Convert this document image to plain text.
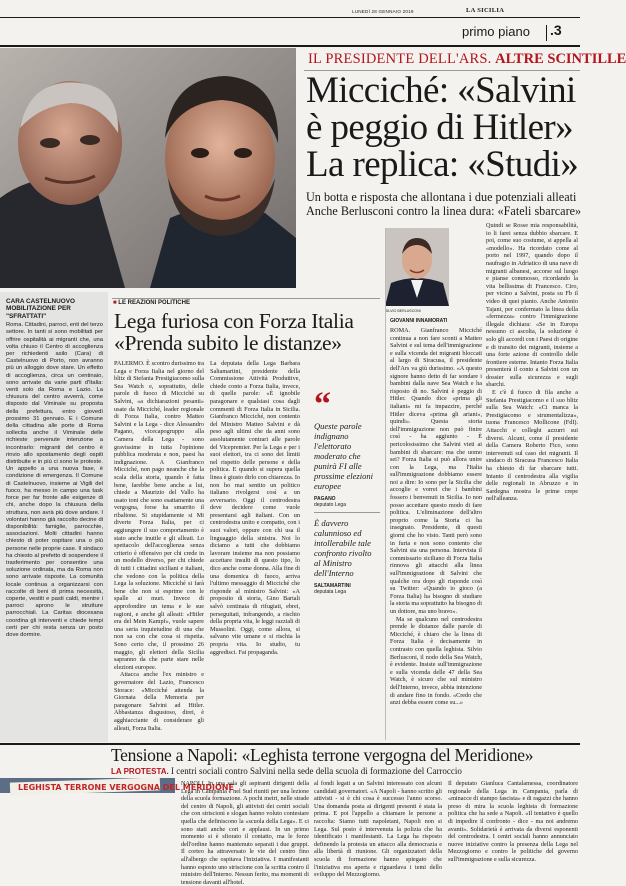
LUNEDÌ 28 GENNAIO 2019	LA SICILIA
primo piano .3
IL PRESIDENTE DELL'ARS. ALTRE SCINTILLE
Micciché: «Salvini
è peggio di Hitler»
La replica: «Studi»
Un botta e risposta che allontana i due potenziali alleati
Anche Berlusconi contro la linea dura: «Fateli sbarcare»
SILVIO BERLUSCONI
CARA CASTELNUOVO MOBILITAZIONE PER "SFRATTATI"
Roma. Cittadini, parroci, enti del terzo settore. In tanti si sono mobilitati per offrire ospitalità ai migranti che, una volta chiuso il Centro di accoglienza per richiedenti asilo (Cara) di Castelnuovo di Porto, non avranno più un alloggio dove stare. Un effetto di accoglienza, circa un centinaio, sono arrivate da varie parti d'Italia: venti solo da Roma e Lazio. La chiusura del centro avverrà, come disposto dal Viminale su proposta della prefettura, entro giovedì prossimo 31 gennaio. E i Comune della cittadina alle porte di Roma sollecita anche il Viminale delle richieste pervenute intenzione a incontrarlo: migranti del centro è rinvio allo spostamento degli ospiti distribuite e in più ci sono le proteste. Un appello a una nuova fase, è condizione di emergenza. Il Comune di Castelnuovo, insieme ai Vigili del fuoco, ha messo in campo una task force per far fronte alle esigenze di chi, anche dopo la chiusura della struttura, non avrà più dove andare. I volontari hanno già raccolto decine di disponibilità: famiglie, parrocchie, associazioni. Molti cittadini hanno chiesto di poter ospitare una o più persone nelle proprie case. Il sindaco ha chiesto al prefetto di sospendere il trasferimento per consentire una soluzione ordinata, ma da Roma non sono arrivate risposte. La comunità locale continua a organizzarsi con raccolte di beni di prima necessità, coperte, vestiti e pasti caldi, mentre i parroci aprono le strutture parrocchiali. La Caritas diocesana coordina gli interventi e chiede tempi certi per chi resta senza un posto dove dormire.
■ LE REAZIONI POLITICHE
Lega furiosa con Forza Italia
«Prenda subito le distanze»

PALERMO. È scontro durissimo tra Lega e Forza Italia nel giorno del blitz di Stefania Prestigiacomo sulla Sea Watch e, soprattutto, delle parole di fuoco di Micciché su Salvini, «a dichiarazioni pesanti» usate da Micciché, leader regionale di Forza Italia, contro Matteo Salvini e la Lega - dice Alessandro Pagano, vicecapogruppo alla Camera della Lega - sono gravissime in tutta l'opinione pubblica moderata e non, paesi ha indignazione. A Gianfranco Micciché, non pago neanche che la scala della storia, quando è fatta bene, farebbe bene anche a lui, chiede a Maurizio del Vallo ha usato toni che sono esattamente una vergogna, forse ha smarrito il ribaltone. Si stupidamente si Mi diverte Forza Italia, per ci aggiungere il suo comportamento è stato anche inutile e gli alleati. Lo spettacolo dell'accoglienza senza criterio è offensivo per chi crede in un modello diverso, per chi chiede di tutti i cittadini siciliani e italiani, che vedono con la politica della Lega la soluzione. Micciché si farà bene che non si esprime con le spalle ai muri. Invece di approfondire un tema e le sue ragioni, e anche gli alleati: «Hitler era del Mein Kampf», vuole sapere una seria inquietudine di una che non sa con che cosa si rispetta. Sono certo che, il prossimo 26 maggio, gli elettori della Sicilia sapranno da che parte stare nelle elezioni europee.

Attacca anche l'ex ministro e governatore del Lazio, Francesco Storace: «Micciché attenda la Giornata della Memoria per paragonare Salvini ad Hitler. Abbastanza disgustoso, direi, è agghiacciante di considerare gli alleati, Forza Italia.

La deputata della Lega Barbara Saltamartini, presidente della Commissione Attività Produttive, chiede conto a Forza Italia, invece, di quelle parole: «È ignobile paragonare e qualsiasi cosa dagli commenti di Forza Italia in Sicilia. Gianfranco Micciché, non contento del Ministro Matteo Salvini e dà peso agli ultimi che da anni sono assolutamente contrari alle parole del Vicepremier. Per la Lega e per i suoi elettori, tra ci sono dei limiti nel rispetto delle persone e della politica. E quando si supera quella linea è giusto dirlo con chiarezza. Io non ho mai sentito un politico italiano rivolgersi così a un avversario. Oggi il centrodestra deve decidere come vuole presentarsi agli italiani. Con un centrodestra unito e compatto, con i suoi valori, oppure con chi usa il linguaggio della sinistra. Noi lo diciamo a tutti che dobbiamo lavorare insieme ma non possiamo accettare insulti di questo tipo, lo dico anche come donna. Alla fine di una domenica di fuoco, arriva l'ultimo messaggio di Micciché che risponde al ministro Salvini: «A proposito di storia, Gino Bartali salvò centinaia di rifugiati, ebrei, perseguitati, infrangendo, a rischio della propria vita, le leggi razziali di Mussolini. Oggi, come allora, si salvano vite umane e si rischia la propria vita. Io studio, tu aggredisci. Fai propaganda.

“
Queste parole indignano l'elettorato moderato che punirà FI alle prossime elezioni europee
PAGANO
deputato Lega
È davvero calunnioso ed intollerabile tale confronto rivolto al Ministro dell'Interno
SALTAMARTINI
deputata Lega
GIOVANNI INNAMORATI

ROMA. Gianfranco Micciché continua a non fare sconti a Matteo Salvini e sul tema dell'immigrazione e sulla vicenda dei migranti bloccati al largo di Siracusa, il presidente dell'Ars va giù durissimo. «A questo signore hanno detto di far sondare i bambini dalla nave Sea Watch e ha risposto di no. Salvini è peggio di Hitler. Quando dice «prima gli italiani» mi fa impazzire, perché Hitler diceva «prima gli ariani», quindi». Questa storia dell'immigrazione non può finire così - ha aggiunto - È pericolosissimo che Salvini vieti ai bambini di sbarcare: ma che uomo sei? Forza Italia si può allora unire con la Lega, ma l'Italia sull'immigrazione dobbiamo essere noi a dire: Io sono per la Sicilia che accoglie e vorrei che i bambini fossero i benvenuti in Sicilia. Io non posso accettare questo modo di fare politica. L'eliminazione dell'altro proprio come la Storia ci ha insegnato. Presidente, di questi giorni che ho visto. Tanti però sono in furia e non sono contento che Salvini sia una persona. Intervista il commissario siciliano di Forza Italia rinnova gli attacchi alla linea sull'immigrazione di Salvini che qualche ora dopo gli risponde così su Twitter: «Quando io gioco (a Forza Italia) ha bisogno di studiare la storia ma soprattutto ha bisogno di un dottore, ma uno bravo».

Ma se qualcuno nel centrodestra prende le distanze dalle parole di Micciché, è chiaro che la linea di Forza Italia è decisamente in contrasto con quella leghista. Silvio Berlusconi, il nodo della Sea Watch, è evidente. Insiste sull'immigrazione e sulla vicenda delle 47 della Sea Watch, è sicuro che sul ministro dell'Interno, invece, abbia intenzione di andare fino in fondo. «Credo che anzi debba essere come su...»

Quindi se Rosse mia responsabilità, io li farei senza dubbio sbarcare. E poi, come suo costume, si appella al «modello». Ha ricordato come al porto nel 1997, quando dopo il naufragio in Adriatico di una nave di migranti albanesi, accorse sul luogo e pianse commosso, ricordando la vita bellissima di Francesco. Ciro, per vicino a Salvini, posta su Fb il video di quei pianto. Anche Antonio Tajani, per confermato la linea della «fermezza» contro l'immigrazione illegale dichiara: «Se in Europa nessuno ci ascolta, la soluzione è solo gli accordi con i Paesi di origine e di transito dei migranti, insieme a una forte azione di controllo delle frontiere esterne. Intanto Forza Italia presenterà il conto a Salvini con un dossier sulla sicurezza e sugli sbarchi.

E c'è il fuoco di fila anche a Stefania Prestigiacomo e il suo blitz sulla Sea Watch: «Ci manca la Prestigiacomo e strumentalizza», tuona Francesco Mollicone (FdI). Attacchi e colleghi azzurri sui diversi. Alcuni, come il presidente della Camera Roberto Fico, sono intervenuti sul caso dei migranti. Il sindaco di Siracusa Francesco Italia ha chiesto di far sbarcare tutti. Intanto il centrodestra alla vigilia delle regionali in Abruzzo e in Sardegna mostra le prime crepe nell'alleanza.

Tensione a Napoli: «Leghista terrone vergogna del Meridione»
LA PROTESTA. I centri sociali contro Salvini nella sede della scuola di formazione del Carroccio
LEGHISTA TERRONE VERGOGNA DEL MERIDIONE

NAPOLI. In una sala gli aspiranti dirigenti della Lega in Campania e nel Sud riuniti per una lezione della scuola formazione. A pochi metri, nelle strade del centro di Napoli, gli attivisti dei centri sociali che con striscioni e slogan hanno voluto contestare quella che definiscono la «scuola della Lega». E ci sono stati anche cori e applausi. In un primo momento si è sfiorato il contatto, ma le forze dell'ordine hanno mantenuto separati i due gruppi. Il corteo ha attraversato le vie del centro fino all'albergo che ospitava l'iniziativa. I manifestanti hanno esposto uno striscione con la scritta contro il ministro dell'Interno. Nessun ferito, ma momenti di tensione davanti all'hotel.

al fondi legati a un Salvini interessato con alcuni candidati governatori. «A Napoli - hanno scritto gli attivisti - si è chi cosa è successo l'anno scorso. Una domanda posta ai dirigenti presenti è stata la prima. E poi l'appello a chiamare le persone a raccolta: Siamo tutti napoletani, Napoli non si Lega. Sul posto è intervenuta la polizia che ha identificato i manifestanti. La Lega ha risposto definendo la protesta un attacco alla democrazia e alla libertà di riunione. Gli organizzatori della scuola di formazione hanno spiegato che l'iniziativa era aperta e riguardava i temi dello sviluppo del Mezzogiorno.

Il deputato Gianluca Cantalamessa, coordinatore regionale della Lega in Campania, parla di «minacce di stampo fascista» e di ragazzi che hanno preso di mira la scuola leghista di formazione politica che ha sede a Napoli. «Il tentativo è quello di impedire il confronto - dice - ma noi andremo avanti». Solidarietà è arrivata da diversi esponenti del centrodestra. I centri sociali hanno annunciato nuove iniziative contro la presenza della Lega nel Mezzogiorno e contro le politiche del governo sull'immigrazione e sulla sicurezza.
